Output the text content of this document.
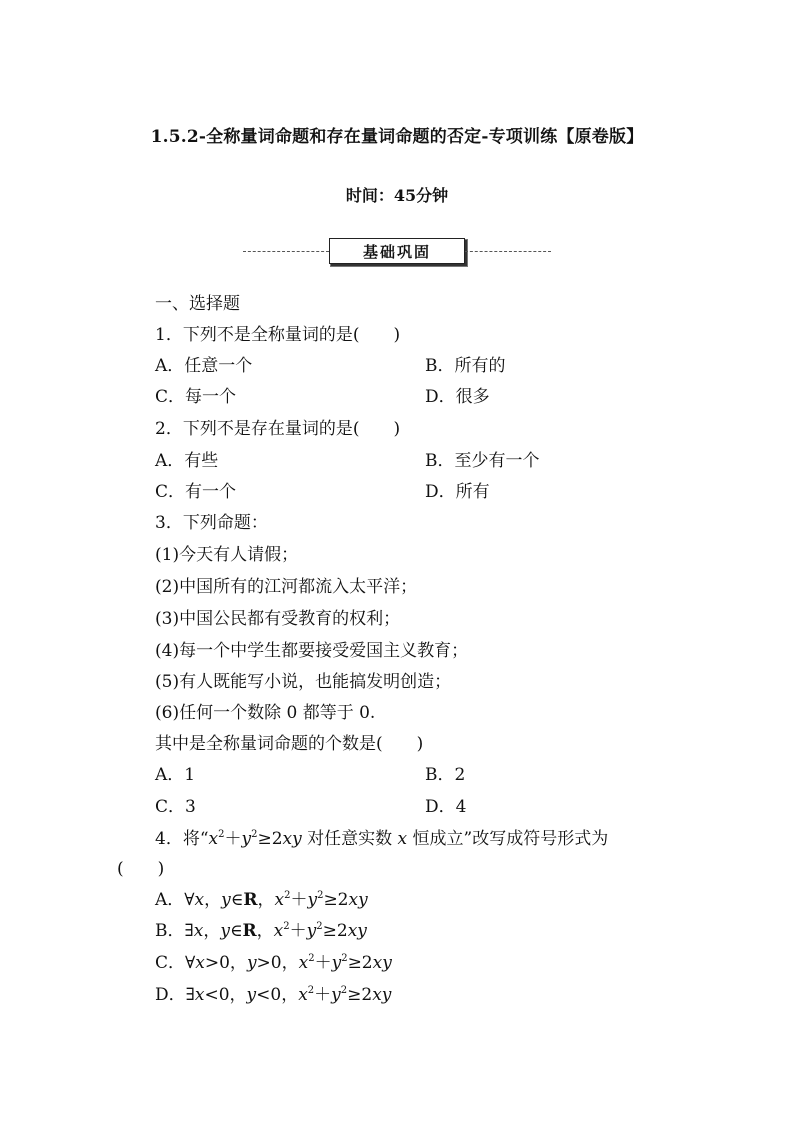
1.5.2-全称量词命题和存在量词命题的否定-专项训练【原卷版】
时间：45分钟
基础巩固
一、选择题
1．下列不是全称量词的是( )
A．任意一个	B．所有的
C．每一个	D．很多
2．下列不是存在量词的是( )
A．有些	B．至少有一个
C．有一个	D．所有
3．下列命题：
(1)今天有人请假；
(2)中国所有的江河都流入太平洋；
(3)中国公民都有受教育的权利；
(4)每一个中学生都要接受爱国主义教育；
(5)有人既能写小说，也能搞发明创造；
(6)任何一个数除 0 都等于 0.
其中是全称量词命题的个数是( )
A．1	B．2
C．3	D．4
4．将“$x^2+y^2\ge 2xy$ 对任意实数 x 恒成立”改写成符号形式为
( )
A．∀x，y∈R，$x^2+y^2\ge 2xy$
B．∃x，y∈R，$x^2+y^2\ge 2xy$
C．∀x>0，y>0，$x^2+y^2\ge 2xy$
D．∃x<0，y<0，$x^2+y^2\ge 2xy$
